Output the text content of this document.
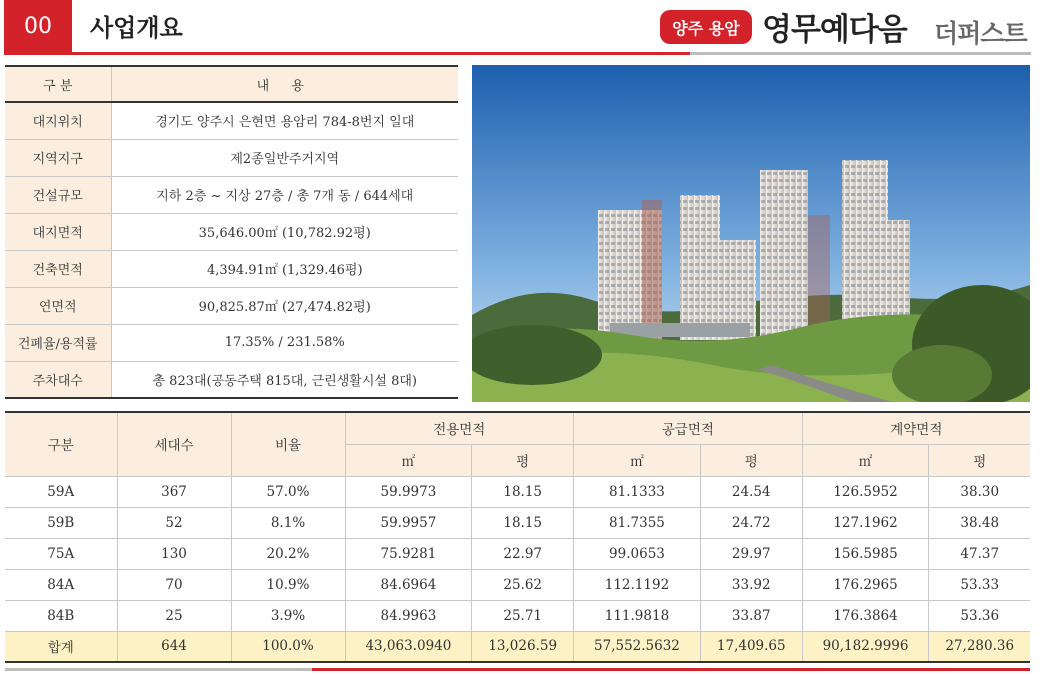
00	사업개요	양주 용암 영무예다음 더퍼스트
구 분	내 용
대지위치	경기도 양주시 은현면 용암리 784-8번지 일대
지역지구	제2종일반주거지역
건설규모	지하 2층 ~ 지상 27층 / 총 7개 동 / 644세대
대지면적	35,646.00㎡ (10,782.92평)
건축면적	4,394.91㎡ (1,329.46평)
연면적	90,825.87㎡ (27,474.82평)
건폐율/용적률	17.35% / 231.58%
주차대수	총 823대(공동주택 815대, 근린생활시설 8대)
구분	세대수	비율	전용면적		공급면적		계약면적	
			㎡	평	㎡	평	㎡	평
59A	367	57.0%	59.9973	18.15	81.1333	24.54	126.5952	38.30
59B	52	8.1%	59.9957	18.15	81.7355	24.72	127.1962	38.48
75A	130	20.2%	75.9281	22.97	99.0653	29.97	156.5985	47.37
84A	70	10.9%	84.6964	25.62	112.1192	33.92	176.2965	53.33
84B	25	3.9%	84.9963	25.71	111.9818	33.87	176.3864	53.36
합계	644	100.0%	43,063.0940	13,026.59	57,552.5632	17,409.65	90,182.9996	27,280.36
